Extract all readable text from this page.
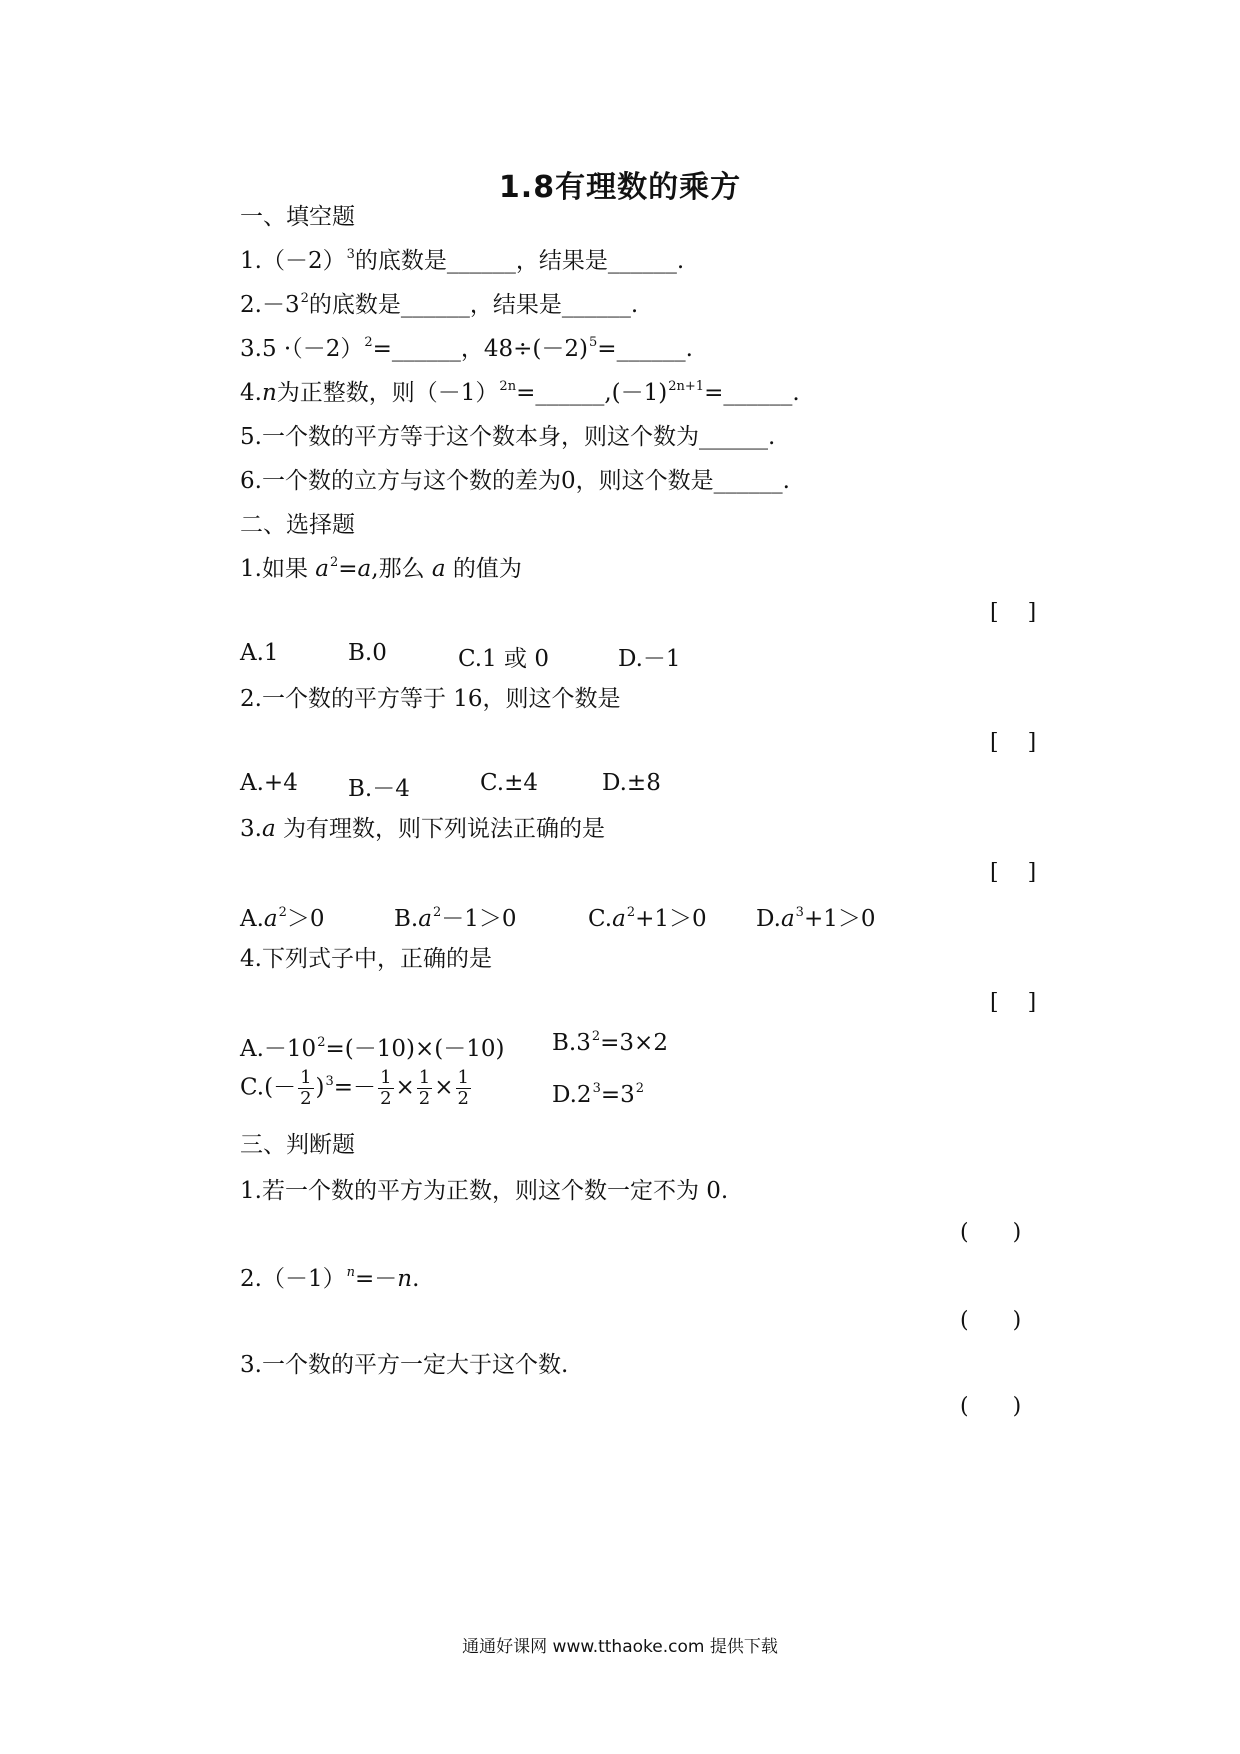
1.8有理数的乘方
一、填空题
$1.(-2)^3$的底数是______，结果是______.
$2.-3^2$的底数是______，结果是______.
$3.5 \cdot(-2)^2=\_\_\_\_\_\_$，$48\div(-2)^5=\_\_\_\_\_\_$.
4.n为正整数，则$(-1)^{2n}=\_\_\_\_\_\_,(-1)^{2n+1}=\_\_\_\_\_\_$.
5.一个数的平方等于这个数本身，则这个数为______.
6.一个数的立方与这个数的差为0，则这个数是______.
二、选择题
1.如果 $a^2=a$,那么 a 的值为
[　 ]
A.1	B.0	C.1 或 0	D.－1
2.一个数的平方等于 16，则这个数是
[　 ]
A.+4 B.－4	C.±4	D.±8
3.a 为有理数，则下列说法正确的是
[　 ]
$A.a^2>0$	$B.a^2-1>0$	$C.a^2+1>0$ $D.a^3+1>0$
4.下列式子中，正确的是
[　 ]
$A.-10^2=(-10)\times(-10)$ $B.3^2=3\times 2$
$C.(- \frac{1}{2} )^3=- \frac{1}{2} \times \frac{1}{2} \times \frac{1}{2}$	$D.2^3=3^2$
三、判断题
1.若一个数的平方为正数，则这个数一定不为 0.
(　　)
$2.(-1)^n=-n$.
(　　)
3.一个数的平方一定大于这个数.
(　　)
通通好课网 www.tthaoke.com 提供下载
